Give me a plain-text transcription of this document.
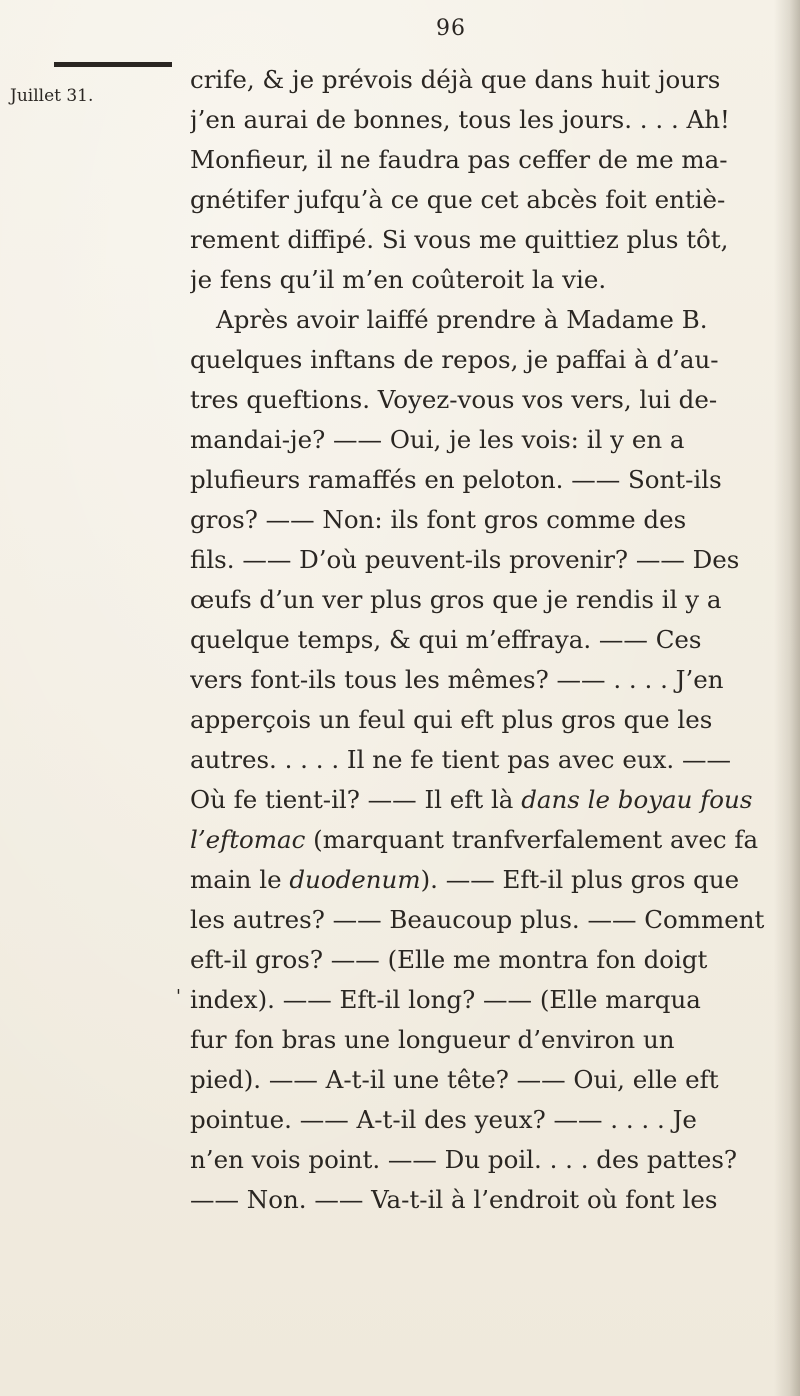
96
Juillet 31.
'
crife, & je prévois déjà que dans huit jours
j’en aurai de bonnes, tous les jours. . . . Ah!
Monfieur, il ne faudra pas ceffer de me ma-
gnétifer jufqu’à ce que cet abcès foit entiè-
rement diffipé. Si vous me quittiez plus tôt,
je fens qu’il m’en coûteroit la vie.
Après avoir laiffé prendre à Madame B.
quelques inftans de repos, je paffai à d’au-
tres queftions. Voyez-vous vos vers, lui de-
mandai-je? —— Oui, je les vois: il y en a
plufieurs ramaffés en peloton. —— Sont-ils
gros? —— Non: ils font gros comme des
fils. —— D’où peuvent-ils provenir? —— Des
œufs d’un ver plus gros que je rendis il y a
quelque temps, & qui m’effraya. —— Ces
vers font-ils tous les mêmes? —— . . . . J’en
apperçois un feul qui eft plus gros que les
autres. . . . . Il ne fe tient pas avec eux. ——
Où fe tient-il? —— Il eft là dans le boyau fous
l’eftomac (marquant tranfverfalement avec fa
main le duodenum). —— Eft-il plus gros que
les autres? —— Beaucoup plus. —— Comment
eft-il gros? —— (Elle me montra fon doigt
index). —— Eft-il long? —— (Elle marqua
fur fon bras une longueur d’environ un
pied). —— A-t-il une tête? —— Oui, elle eft
pointue. —— A-t-il des yeux? —— . . . . Je
n’en vois point. —— Du poil. . . . des pattes?
—— Non. —— Va-t-il à l’endroit où font les
